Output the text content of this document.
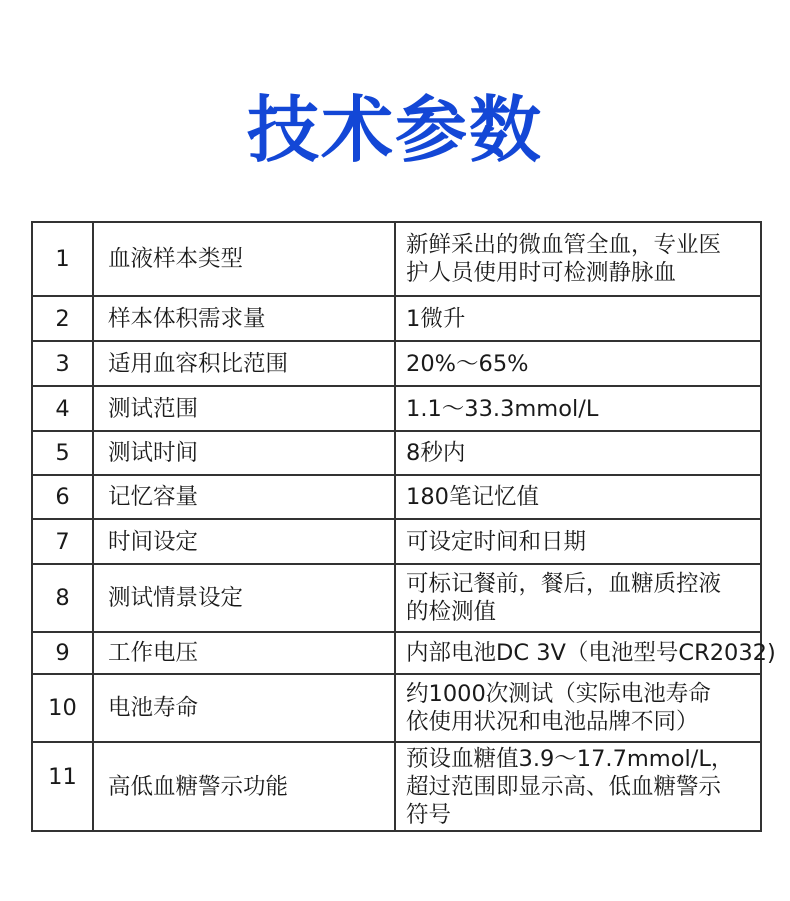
技术参数
1	血液样本类型	新鲜采出的微血管全血，专业医
护人员使用时可检测静脉血

2	样本体积需求量	1微升

3	适用血容积比范围	20%～65%

4	测试范围	1.1～33.3mmol/L

5	测试时间	8秒内

6	记忆容量	180笔记忆值

7	时间设定	可设定时间和日期

8	测试情景设定	可标记餐前，餐后，血糖质控液
的检测值

9	工作电压	内部电池DC 3V（电池型号CR2032)

10	电池寿命	约1000次测试（实际电池寿命
依使用状况和电池品牌不同）

11	高低血糖警示功能	预设血糖值3.9～17.7mmol/L，
超过范围即显示高、低血糖警示
符号
